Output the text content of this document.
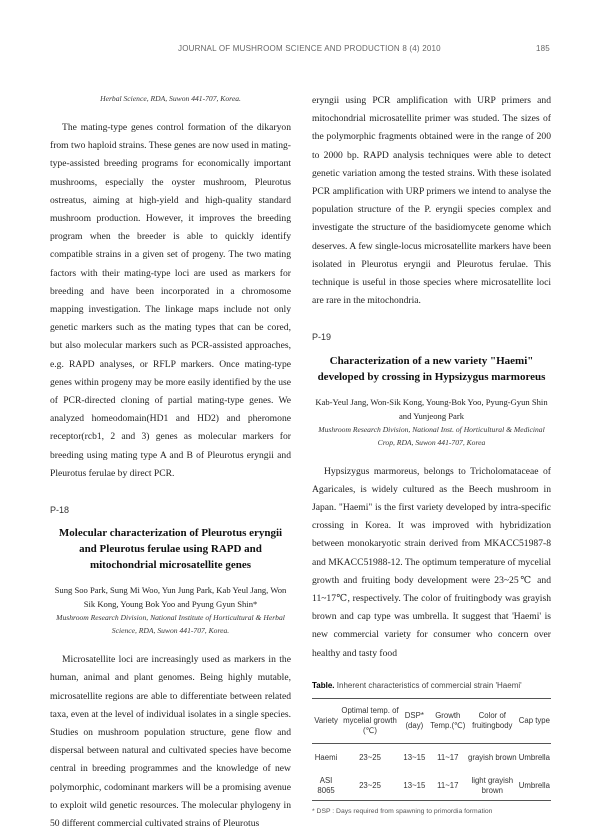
JOURNAL OF MUSHROOM SCIENCE AND PRODUCTION 8 (4) 2010	185

Herbal Science, RDA, Suwon 441-707, Korea.

The mating-type genes control formation of the dikaryon from two haploid strains. These genes are now used in mating-type-assisted breeding programs for economically important mushrooms, especially the oyster mushroom, Pleurotus ostreatus, aiming at high-yield and high-quality standard mushroom production. However, it improves the breeding program when the breeder is able to quickly identify compatible strains in a given set of progeny. The two mating factors with their mating-type loci are used as markers for breeding and have been incorporated in a chromosome mapping investigation. The linkage maps include not only genetic markers such as the mating types that can be cored, but also molecular markers such as PCR-assisted approaches, e.g. RAPD analyses, or RFLP markers. Once mating-type genes within progeny may be more easily identified by the use of PCR-directed cloning of partial mating-type genes. We analyzed homeodomain(HD1 and HD2) and pheromone receptor(rcb1, 2 and 3) genes as molecular markers for breeding using mating type A and B of Pleurotus eryngii and Pleurotus ferulae by direct PCR.

P-18

Molecular characterization of Pleurotus eryngii and Pleurotus ferulae using RAPD and mitochondrial microsatellite genes

Sung Soo Park, Sung Mi Woo, Yun Jung Park, Kab Yeul Jang, Won Sik Kong, Young Bok Yoo and Pyung Gyun Shin*

Mushroom Research Division, National Institute of Horticultural & Herbal Science, RDA, Suwon 441-707, Korea.

Microsatellite loci are increasingly used as markers in the human, animal and plant genomes. Being highly mutable, microsatellite regions are able to differentiate between related taxa, even at the level of individual isolates in a single species. Studies on mushroom population structure, gene flow and dispersal between natural and cultivated species have become central in breeding programmes and the knowledge of new polymorphic, codominant markers will be a promising avenue to exploit wild genetic resources. The molecular phylogeny in 50 different commercial cultivated strains of Pleurotus

eryngii using PCR amplification with URP primers and mitochondrial microsatellite primer was studed. The sizes of the polymorphic fragments obtained were in the range of 200 to 2000 bp. RAPD analysis techniques were able to detect genetic variation among the tested strains. With these isolated PCR amplification with URP primers we intend to analyse the population structure of the P. eryngii species complex and investigate the structure of the basidiomycete genome which deserves. A few single-locus microsatellite markers have been isolated in Pleurotus eryngii and Pleurotus ferulae. This technique is useful in those species where microsatellite loci are rare in the mitochondria.

P-19

Characterization of a new variety "Haemi" developed by crossing in Hypsizygus marmoreus

Kab-Yeul Jang, Won-Sik Kong, Young-Bok Yoo, Pyung-Gyun Shin and Yunjeong Park

Mushroom Research Division, National Inst. of Horticultural & Medicinal Crop, RDA, Suwon 441-707, Korea

Hypsizygus marmoreus, belongs to Tricholomataceae of Agaricales, is widely cultured as the Beech mushroom in Japan. "Haemi" is the first variety developed by intra-specific crossing in Korea. It was improved with hybridization between monokaryotic strain derived from MKACC51987-8 and MKACC51988-12. The optimum temperature of mycelial growth and fruiting body development were 23~25℃ and 11~17℃, respectively. The color of fruitingbody was grayish brown and cap type was umbrella. It suggest that 'Haemi' is new commercial variety for consumer who concern over healthy and tasty food

Table. Inherent characteristics of commercial strain 'Haemi'

Variety	Optimal temp. of mycelial growth (℃)	DSP* (day)	Growth Temp.(℃)	Color of fruitingbody	Cap type
Haemi	23~25	13~15	11~17	grayish brown	Umbrella
ASI 8065	23~25	13~15	11~17	light grayish brown	Umbrella

* DSP : Days required from spawning to primordia formation
